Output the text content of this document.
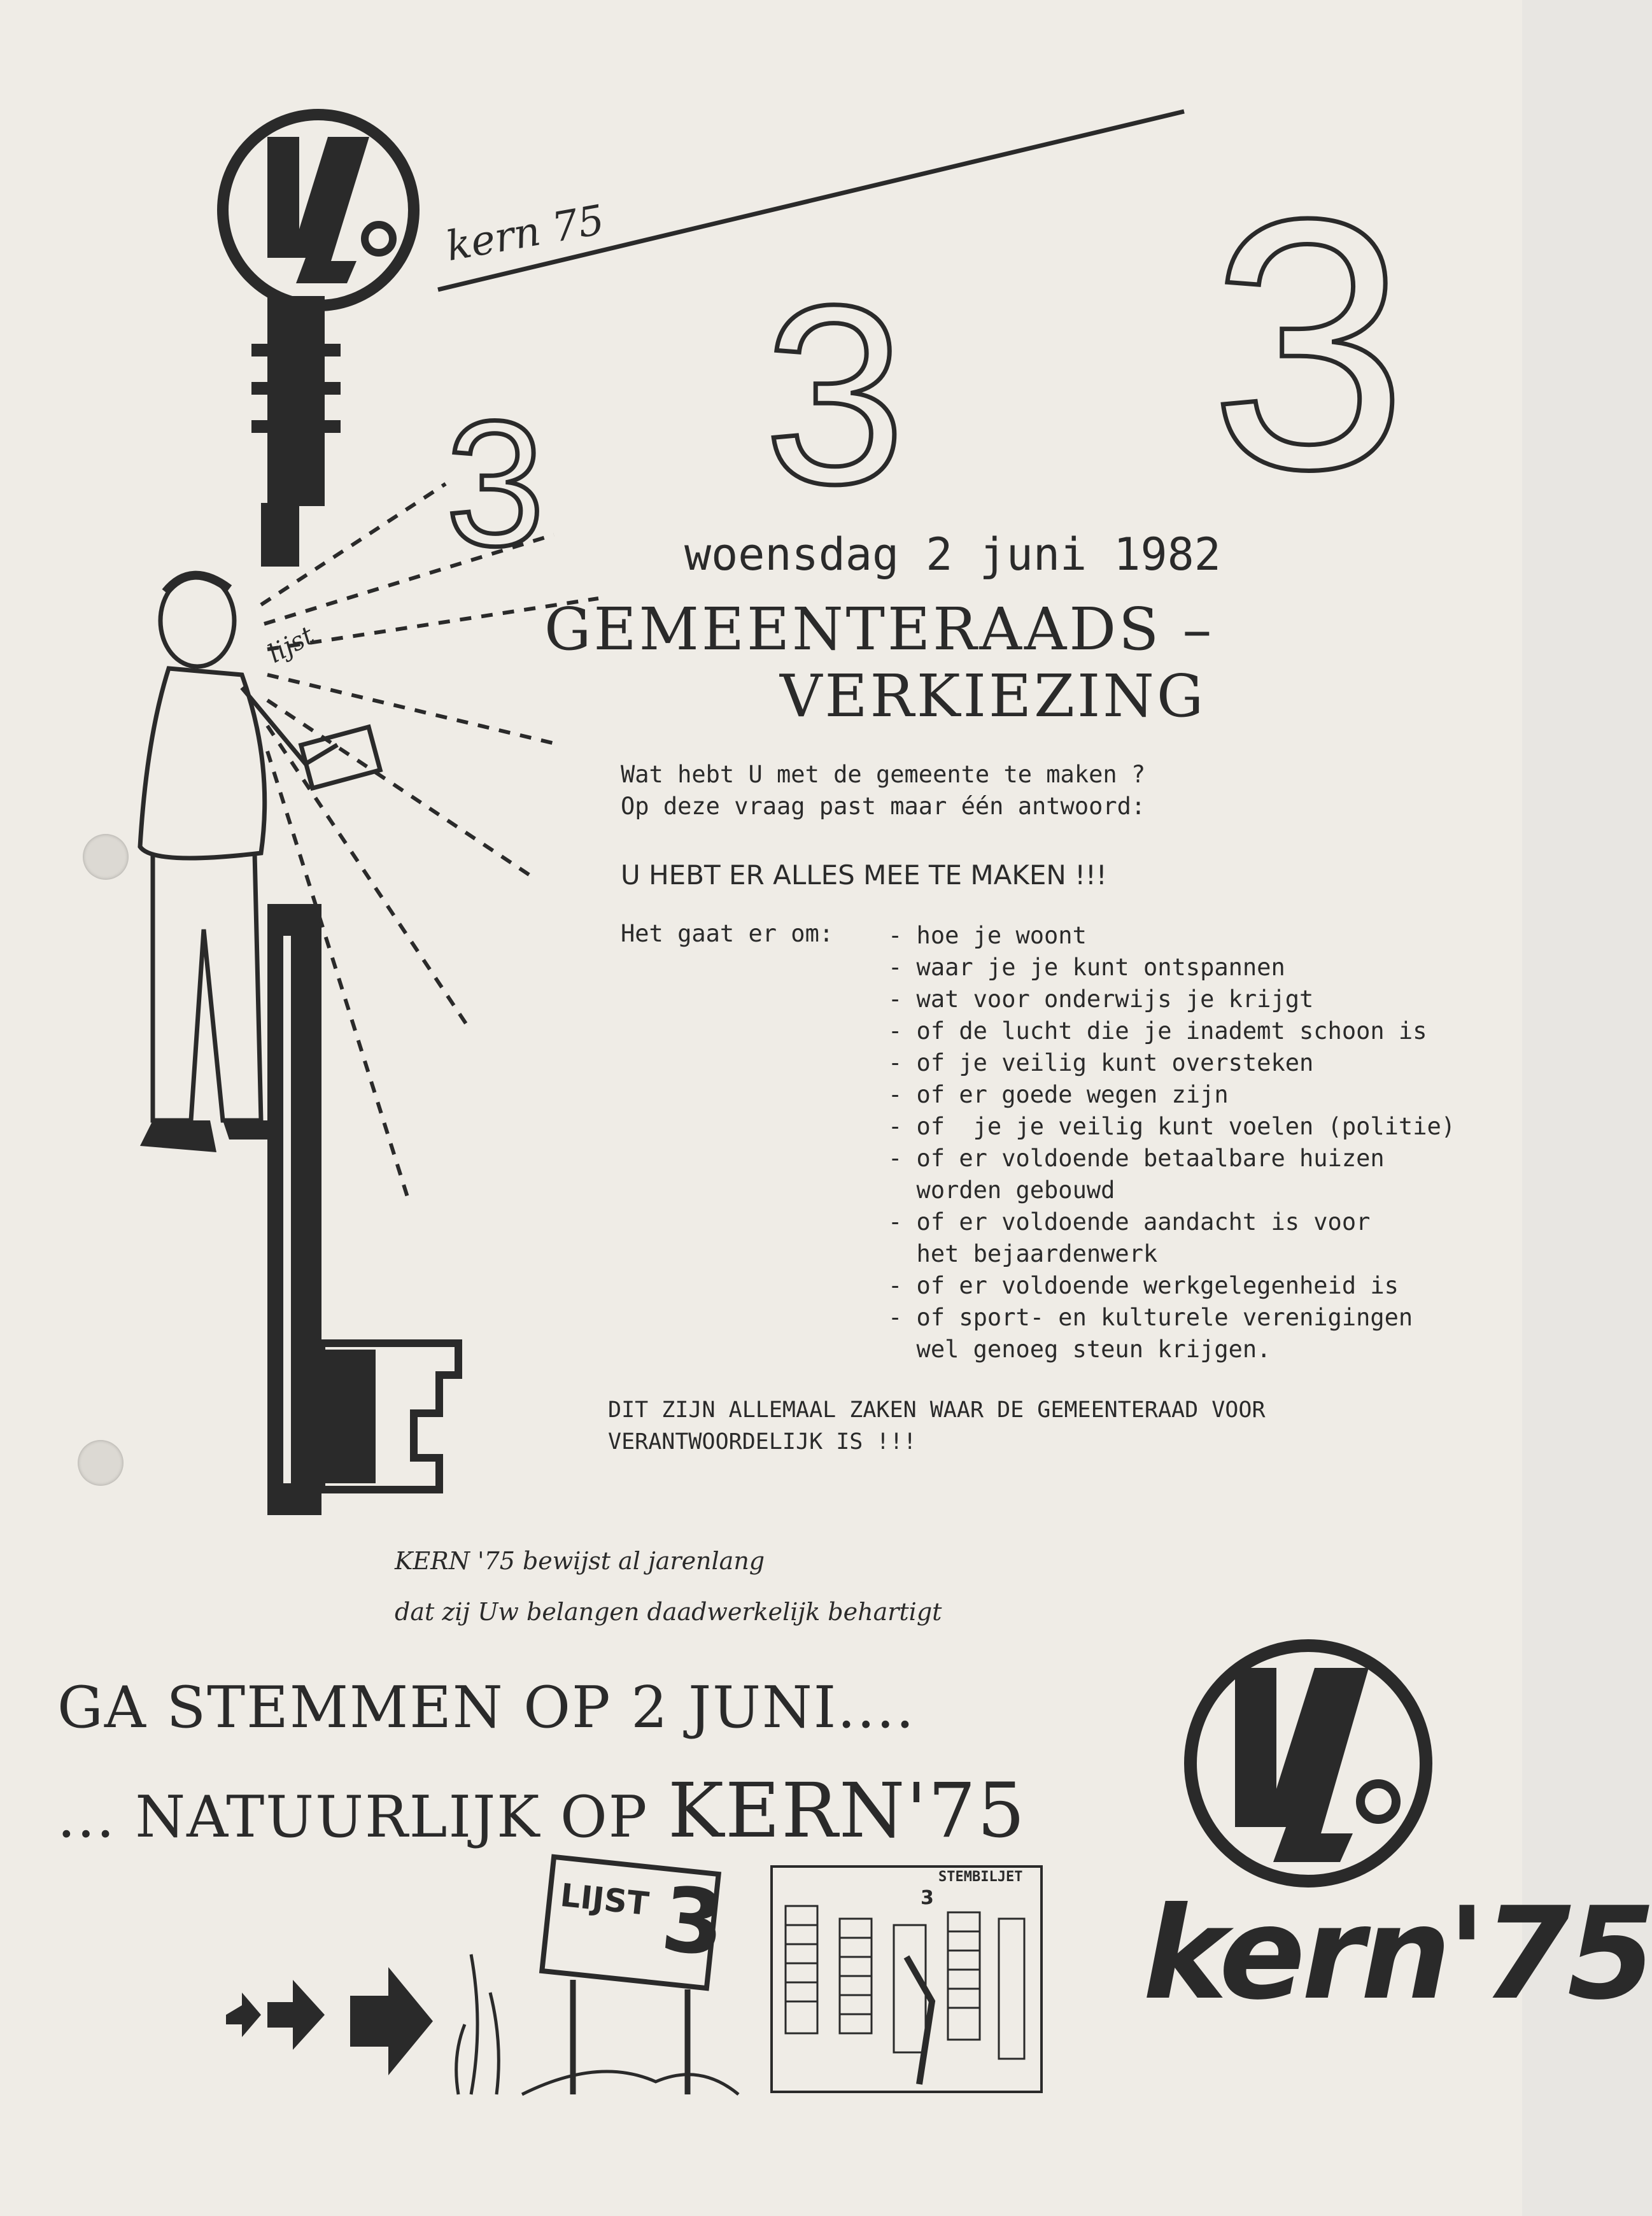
kern 75

3 3 3

lijst

woensdag 2 juni 1982

GEMEENTERAADS –

VERKIEZING

Wat hebt U met de gemeente te maken ?

Op deze vraag past maar één antwoord:

U HEBT ER ALLES MEE TE MAKEN !!!

Het gaat er om: - hoe je woont
- waar je je kunt ontspannen
- wat voor onderwijs je krijgt
- of de lucht die je inademt schoon is
- of je veilig kunt oversteken
- of er goede wegen zijn
- of  je je veilig kunt voelen (politie)
- of er voldoende betaalbare huizen
worden gebouwd
- of er voldoende aandacht is voor
het bejaardenwerk
- of er voldoende werkgelegenheid is
- of sport- en kulturele verenigingen
wel genoeg steun krijgen.

DIT ZIJN ALLEMAAL ZAKEN WAAR DE GEMEENTERAAD VOOR

VERANTWOORDELIJK IS !!!

KERN '75 bewijst al jarenlang

dat zij Uw belangen daadwerkelijk behartigt

GA STEMMEN OP 2 JUNI....

... NATUURLIJK OP KERN'75

LIJST 3	STEMBILJET

3 kern'75
